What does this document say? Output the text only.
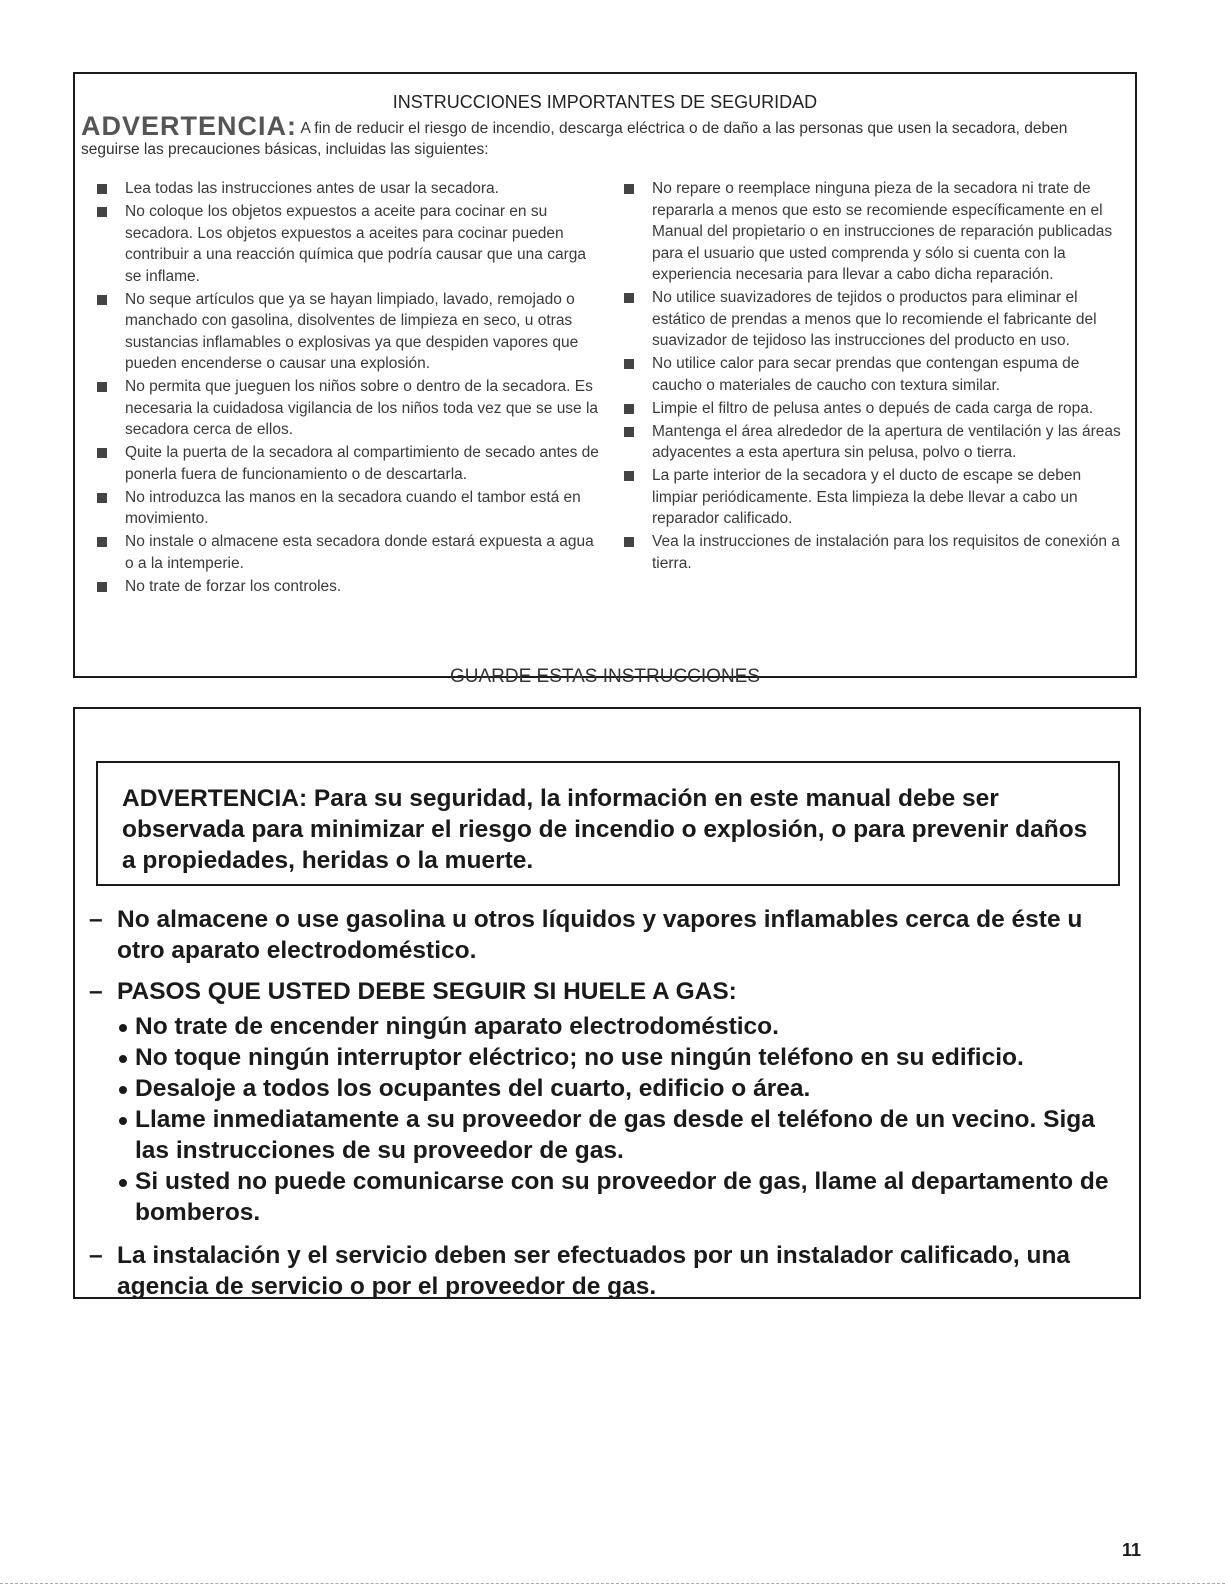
INSTRUCCIONES IMPORTANTES DE SEGURIDAD
ADVERTENCIA: A fin de reducir el riesgo de incendio, descarga eléctrica o de daño a las personas que usen la secadora, deben seguirse las precauciones básicas, incluidas las siguientes:
Lea todas las instrucciones antes de usar la secadora.
No coloque los objetos expuestos a aceite para cocinar en su secadora. Los objetos expuestos a aceites para cocinar pueden contribuir a una reacción química que podría causar que una carga se inflame.
No seque artículos que ya se hayan limpiado, lavado, remojado o manchado con gasolina, disolventes de limpieza en seco, u otras sustancias inflamables o explosivas ya que despiden vapores que pueden encenderse o causar una explosión.
No permita que jueguen los niños sobre o dentro de la secadora. Es necesaria la cuidadosa vigilancia de los niños toda vez que se use la secadora cerca de ellos.
Quite la puerta de la secadora al compartimiento de secado antes de ponerla fuera de funcionamiento o de descartarla.
No introduzca las manos en la secadora cuando el tambor está en movimiento.
No instale o almacene esta secadora donde estará expuesta a agua o a la intemperie.
No trate de forzar los controles.
No repare o reemplace ninguna pieza de la secadora ni trate de repararla a menos que esto se recomiende específicamente en el Manual del propietario o en instrucciones de reparación publicadas para el usuario que usted comprenda y sólo si cuenta con la experiencia necesaria para llevar a cabo dicha reparación.
No utilice suavizadores de tejidos o productos para eliminar el estático de prendas a menos que lo recomiende el fabricante del suavizador de tejidoso las instrucciones del producto en uso.
No utilice calor para secar prendas que contengan espuma de caucho o materiales de caucho con textura similar.
Limpie el filtro de pelusa antes o depués de cada carga de ropa.
Mantenga el área alrededor de la apertura de ventilación y las áreas adyacentes a esta apertura sin pelusa, polvo o tierra.
La parte interior de la secadora y el ducto de escape se deben limpiar periódicamente. Esta limpieza la debe llevar a cabo un reparador calificado.
Vea la instrucciones de instalación para los requisitos de conexión a tierra.
GUARDE ESTAS INSTRUCCIONES
ADVERTENCIA: Para su seguridad, la información en este manual debe ser observada para minimizar el riesgo de incendio o explosión, o para prevenir daños a propiedades, heridas o la muerte.
– No almacene o use gasolina u otros líquidos y vapores inflamables cerca de éste u otro aparato electrodoméstico.
– PASOS QUE USTED DEBE SEGUIR SI HUELE A GAS:
No trate de encender ningún aparato electrodoméstico.
No toque ningún interruptor eléctrico; no use ningún teléfono en su edificio.
Desaloje a todos los ocupantes del cuarto, edificio o área.
Llame inmediatamente a su proveedor de gas desde el teléfono de un vecino. Siga las instrucciones de su proveedor de gas.
Si usted no puede comunicarse con su proveedor de gas, llame al departamento de bomberos.
– La instalación y el servicio deben ser efectuados por un instalador calificado, una agencia de servicio o por el proveedor de gas.
11
